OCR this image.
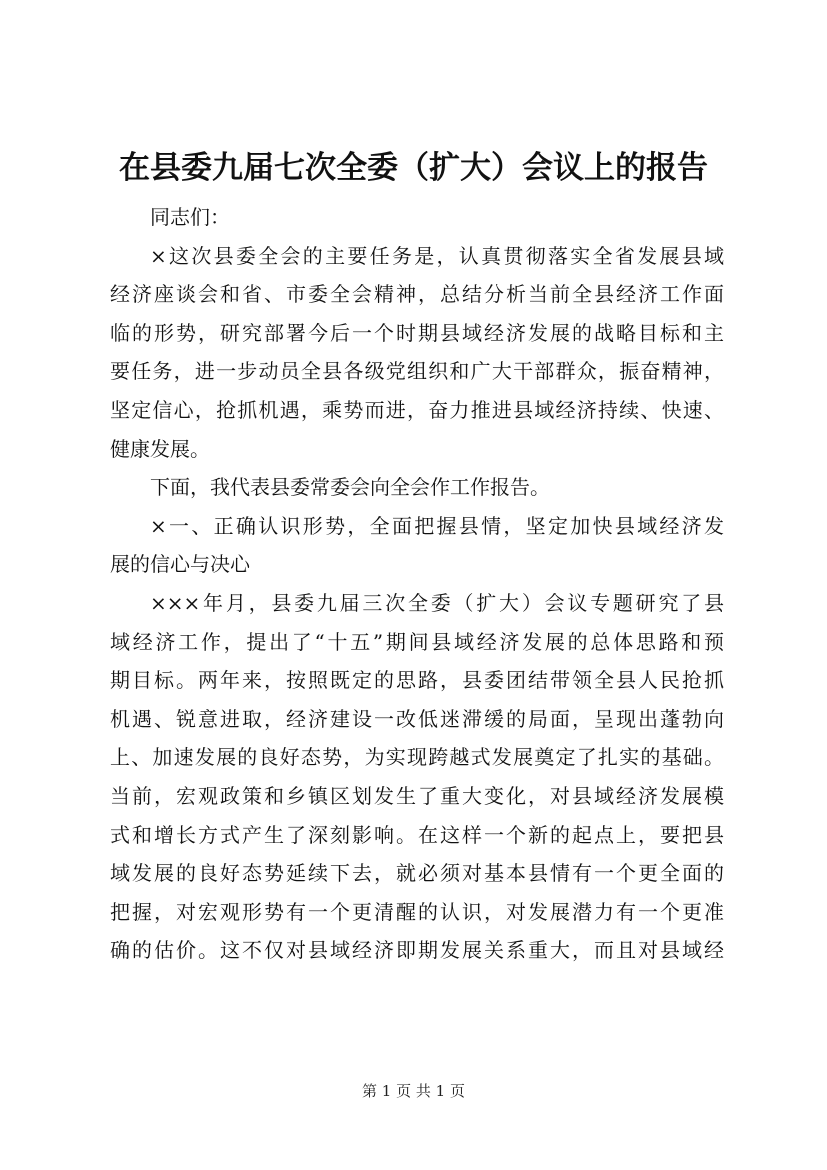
在县委九届七次全委（扩大）会议上的报告
同志们：
×这次县委全会的主要任务是，认真贯彻落实全省发展县域
经济座谈会和省、市委全会精神，总结分析当前全县经济工作面
临的形势，研究部署今后一个时期县域经济发展的战略目标和主
要任务，进一步动员全县各级党组织和广大干部群众，振奋精神，
坚定信心，抢抓机遇，乘势而进，奋力推进县域经济持续、快速、
健康发展。
下面，我代表县委常委会向全会作工作报告。
×一、正确认识形势，全面把握县情，坚定加快县域经济发
展的信心与决心
×××年月，县委九届三次全委（扩大）会议专题研究了县
域经济工作，提出了“十五”期间县域经济发展的总体思路和预
期目标。两年来，按照既定的思路，县委团结带领全县人民抢抓
机遇、锐意进取，经济建设一改低迷滞缓的局面，呈现出蓬勃向
上、加速发展的良好态势，为实现跨越式发展奠定了扎实的基础。
当前，宏观政策和乡镇区划发生了重大变化，对县域经济发展模
式和增长方式产生了深刻影响。在这样一个新的起点上，要把县
域发展的良好态势延续下去，就必须对基本县情有一个更全面的
把握，对宏观形势有一个更清醒的认识，对发展潜力有一个更准
确的估价。这不仅对县域经济即期发展关系重大，而且对县域经
第 1 页 共 1 页
